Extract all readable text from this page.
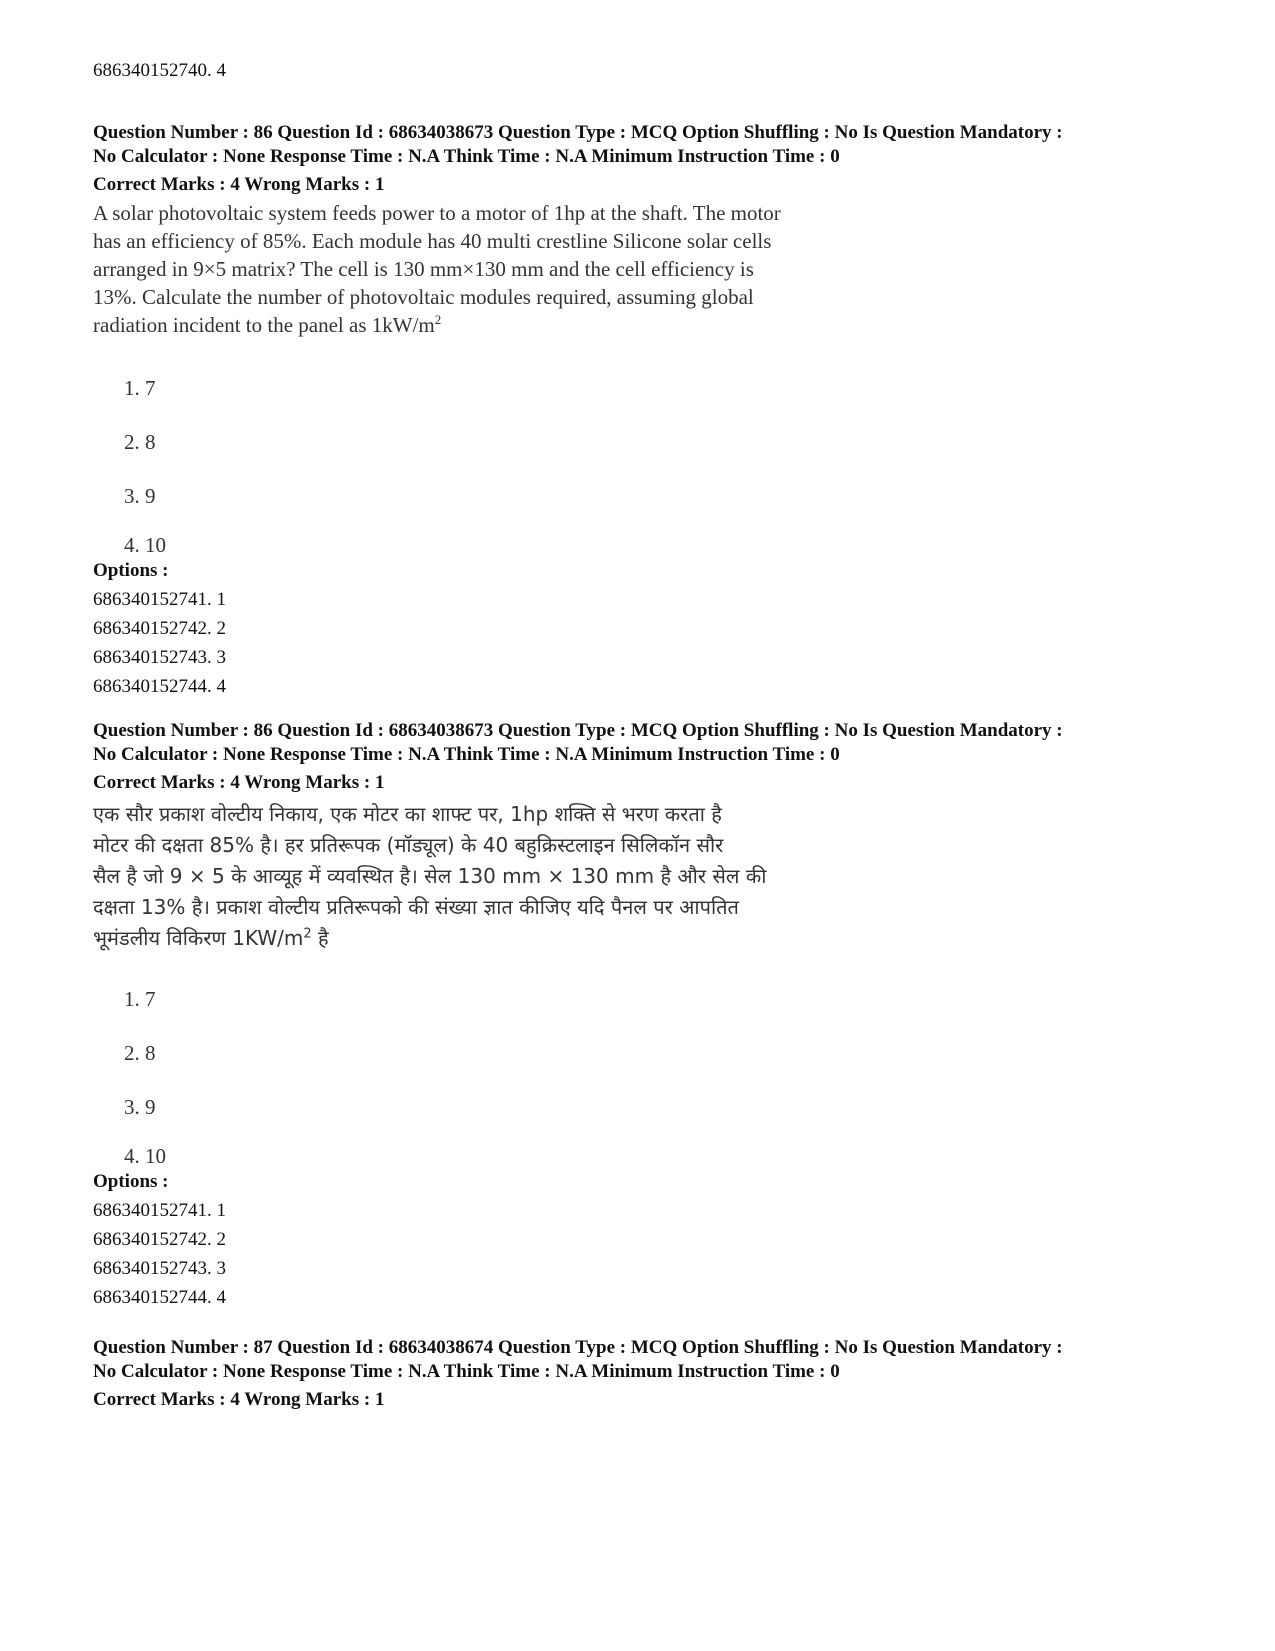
686340152740. 4
Question Number : 86 Question Id : 68634038673 Question Type : MCQ Option Shuffling : No Is Question Mandatory :
No Calculator : None Response Time : N.A Think Time : N.A Minimum Instruction Time : 0
Correct Marks : 4 Wrong Marks : 1
A solar photovoltaic system feeds power to a motor of 1hp at the shaft. The motor
has an efficiency of 85%. Each module has 40 multi crestline Silicone solar cells
arranged in 9×5 matrix? The cell is 130 mm×130 mm and the cell efficiency is
13%. Calculate the number of photovoltaic modules required, assuming global
radiation incident to the panel as $1kW/m^2$
1. 7
2. 8
3. 9
4. 10
Options :
686340152741. 1
686340152742. 2
686340152743. 3
686340152744. 4
Question Number : 86 Question Id : 68634038673 Question Type : MCQ Option Shuffling : No Is Question Mandatory :
No Calculator : None Response Time : N.A Think Time : N.A Minimum Instruction Time : 0
Correct Marks : 4 Wrong Marks : 1
एक सौर प्रकाश वोल्टीय निकाय, एक मोटर का शाफ्ट पर, 1hp शक्ति से भरण करता है
मोटर की दक्षता 85% है। हर प्रतिरूपक (मॉड्यूल) के 40 बहुक्रिस्टलाइन सिलिकॉन सौर
सैल है जो 9 × 5 के आव्यूह में व्यवस्थित है। सेल 130 mm × 130 mm है और सेल की
दक्षता 13% है। प्रकाश वोल्टीय प्रतिरूपको की संख्या ज्ञात कीजिए यदि पैनल पर आपतित
भूमंडलीय विकिरण $1KW/m^2$ है
1. 7
2. 8
3. 9
4. 10
Options :
686340152741. 1
686340152742. 2
686340152743. 3
686340152744. 4
Question Number : 87 Question Id : 68634038674 Question Type : MCQ Option Shuffling : No Is Question Mandatory :
No Calculator : None Response Time : N.A Think Time : N.A Minimum Instruction Time : 0
Correct Marks : 4 Wrong Marks : 1
